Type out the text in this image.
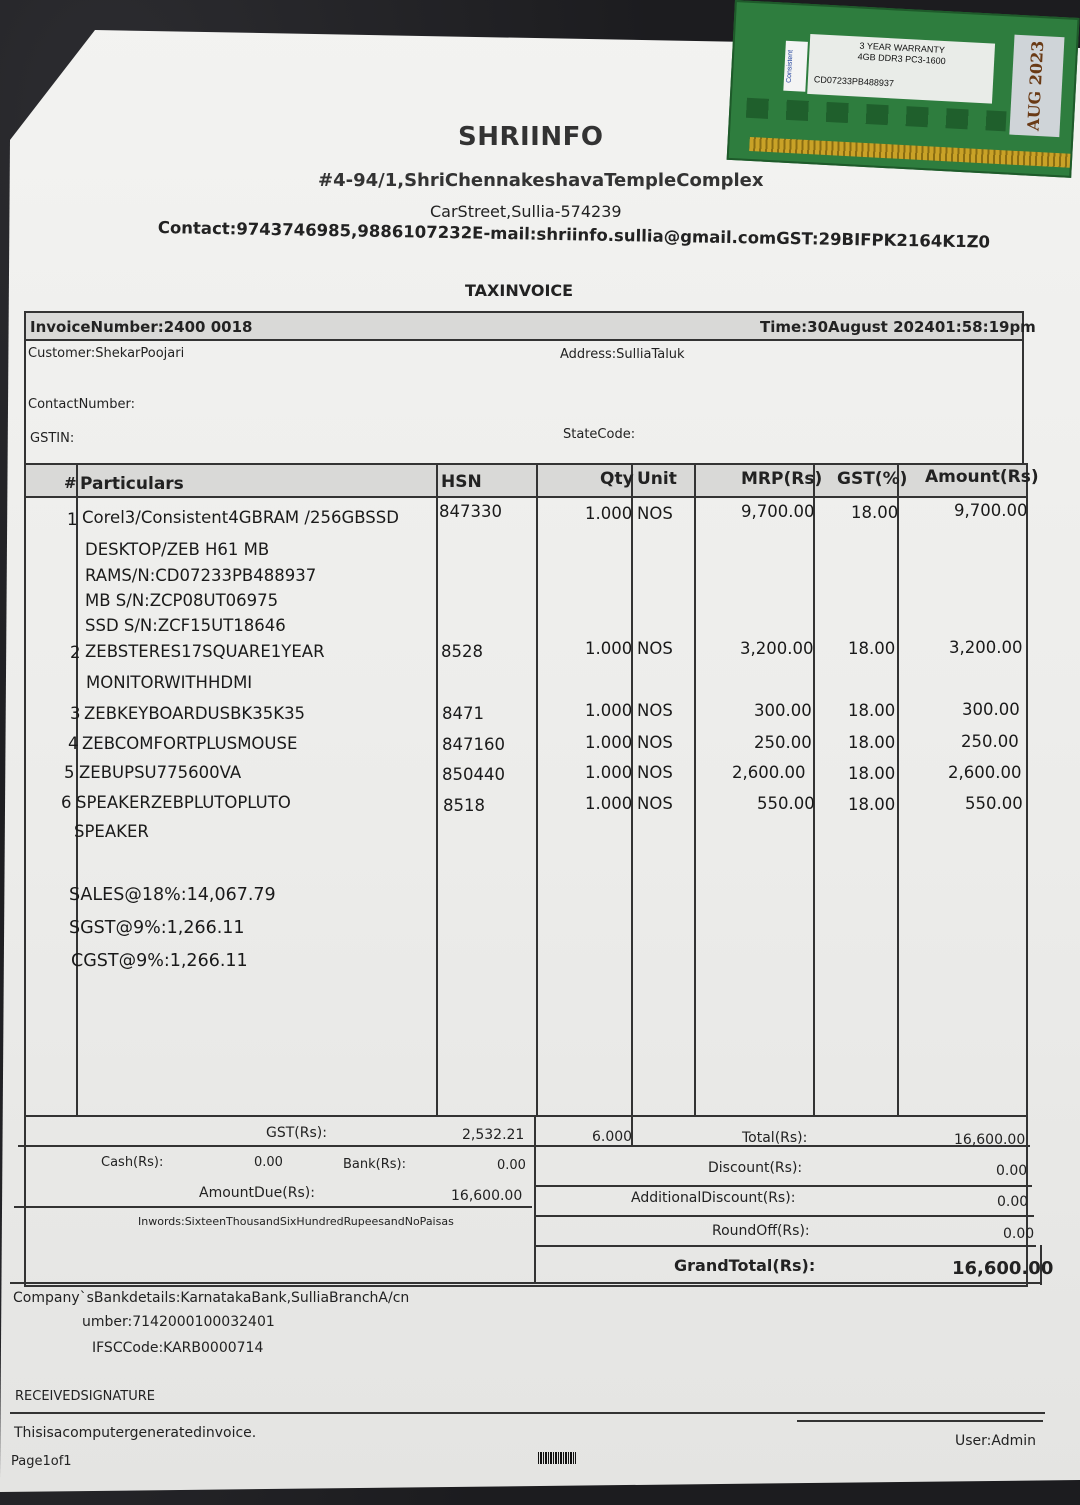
Consistent
3 YEAR WARRANTY
4GB DDR3 PC3-1600
CD07233PB488937	AUG 2023
SHRIINFO
#4-94/1,ShriChennakeshavaTempleComplex
CarStreet,Sullia-574239
Contact:9743746985,9886107232E-mail:shriinfo.sullia@gmail.comGST:29BIFPK2164K1Z0
TAXINVOICE
InvoiceNumber:2400 0018	Time:30August 202401:58:19pm
Customer:ShekarPoojari	Address:SulliaTaluk
ContactNumber:
GSTIN:	StateCode:
# Particulars	HSN	Qty Unit	MRP(Rs) GST(%) Amount(Rs)
1 Corel3/Consistent4GBRAM /256GBSSD
DESKTOP/ZEB H61 MB
RAMS/N:CD07233PB488937
MB S/N:ZCP08UT06975
SSD S/N:ZCF15UT18646
847330	1.000 NOS	9,700.00 18.00	9,700.00
2 ZEBSTERES17SQUARE1YEAR
MONITORWITHHDMI
8528	1.000 NOS	3,200.00 18.00	3,200.00
3 ZEBKEYBOARDUSBK35K35	8471	1.000 NOS	300.00 18.00	300.00
4 ZEBCOMFORTPLUSMOUSE	847160	1.000 NOS	250.00 18.00	250.00
5 ZEBUPSU775600VA	850440	1.000 NOS	2,600.00	18.00	2,600.00
6 SPEAKERZEBPLUTOPLUTO
SPEAKER
8518	1.000 NOS	550.00 18.00	550.00
SALES@18%:14,067.79
SGST@9%:1,266.11
CGST@9%:1,266.11
GST(Rs):	2,532.21	6.000	Total(Rs):	16,600.00
Cash(Rs):	0.00	Bank(Rs):	0.00	Discount(Rs):	0.00
AmountDue(Rs):	16,600.00	AdditionalDiscount(Rs):	0.00
Inwords:SixteenThousandSixHundredRupeesandNoPaisas
RoundOff(Rs):	0.00
GrandTotal(Rs):	16,600.00
Company`sBankdetails:KarnatakaBank,SulliaBranchA/cn
umber:7142000100032401
IFSCCode:KARB0000714
RECEIVEDSIGNATURE
Thisisacomputergeneratedinvoice.	User:Admin
Page1of1
